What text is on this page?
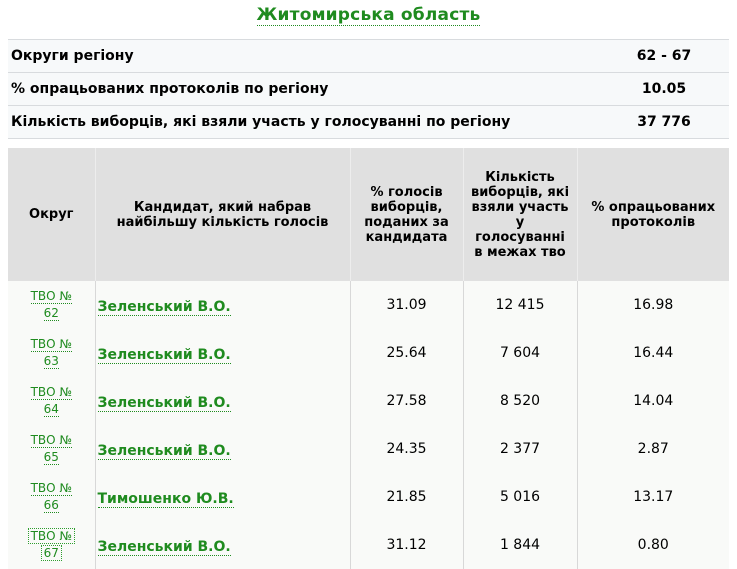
Житомирська область
Округи регіону	62 - 67
% опрацьованих протоколів по регіону	10.05
Кількість виборців, які взяли участь у голосуванні по регіону	37 776
Округ	Кандидат, який набрав найбільшу кількість голосів	% голосів виборців, поданих за кандидата	Кількість виборців, які взяли участь у голосуванні в межах тво	% опрацьованих протоколів
ТВО № 62	Зеленський В.О.	31.09	12 415	16.98
ТВО № 63	Зеленський В.О.	25.64	7 604	16.44
ТВО № 64	Зеленський В.О.	27.58	8 520	14.04
ТВО № 65	Зеленський В.О.	24.35	2 377	2.87
ТВО № 66	Тимошенко Ю.В.	21.85	5 016	13.17
ТВО № 67	Зеленський В.О.	31.12	1 844	0.80
